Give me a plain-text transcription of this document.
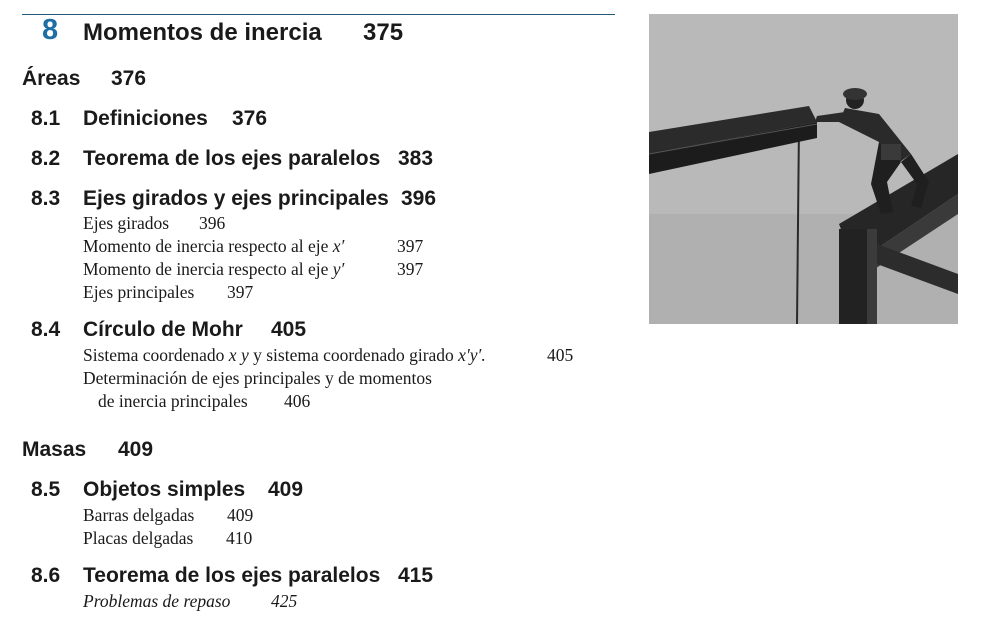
8 Momentos de inercia 375
Áreas 376
8.1 Definiciones 376
8.2 Teorema de los ejes paralelos 383
8.3 Ejes girados y ejes principales 396
Ejes girados 396
Momento de inercia respecto al eje x′	397
Momento de inercia respecto al eje y′	397
Ejes principales 397
8.4 Círculo de Mohr 405
Sistema coordenado x y y sistema coordenado girado x′y′.	405
Determinación de ejes principales y de momentos
de inercia principales 406
Masas 409
8.5 Objetos simples 409
Barras delgadas 409
Placas delgadas 410
8.6 Teorema de los ejes paralelos 415
Problemas de repaso 425
